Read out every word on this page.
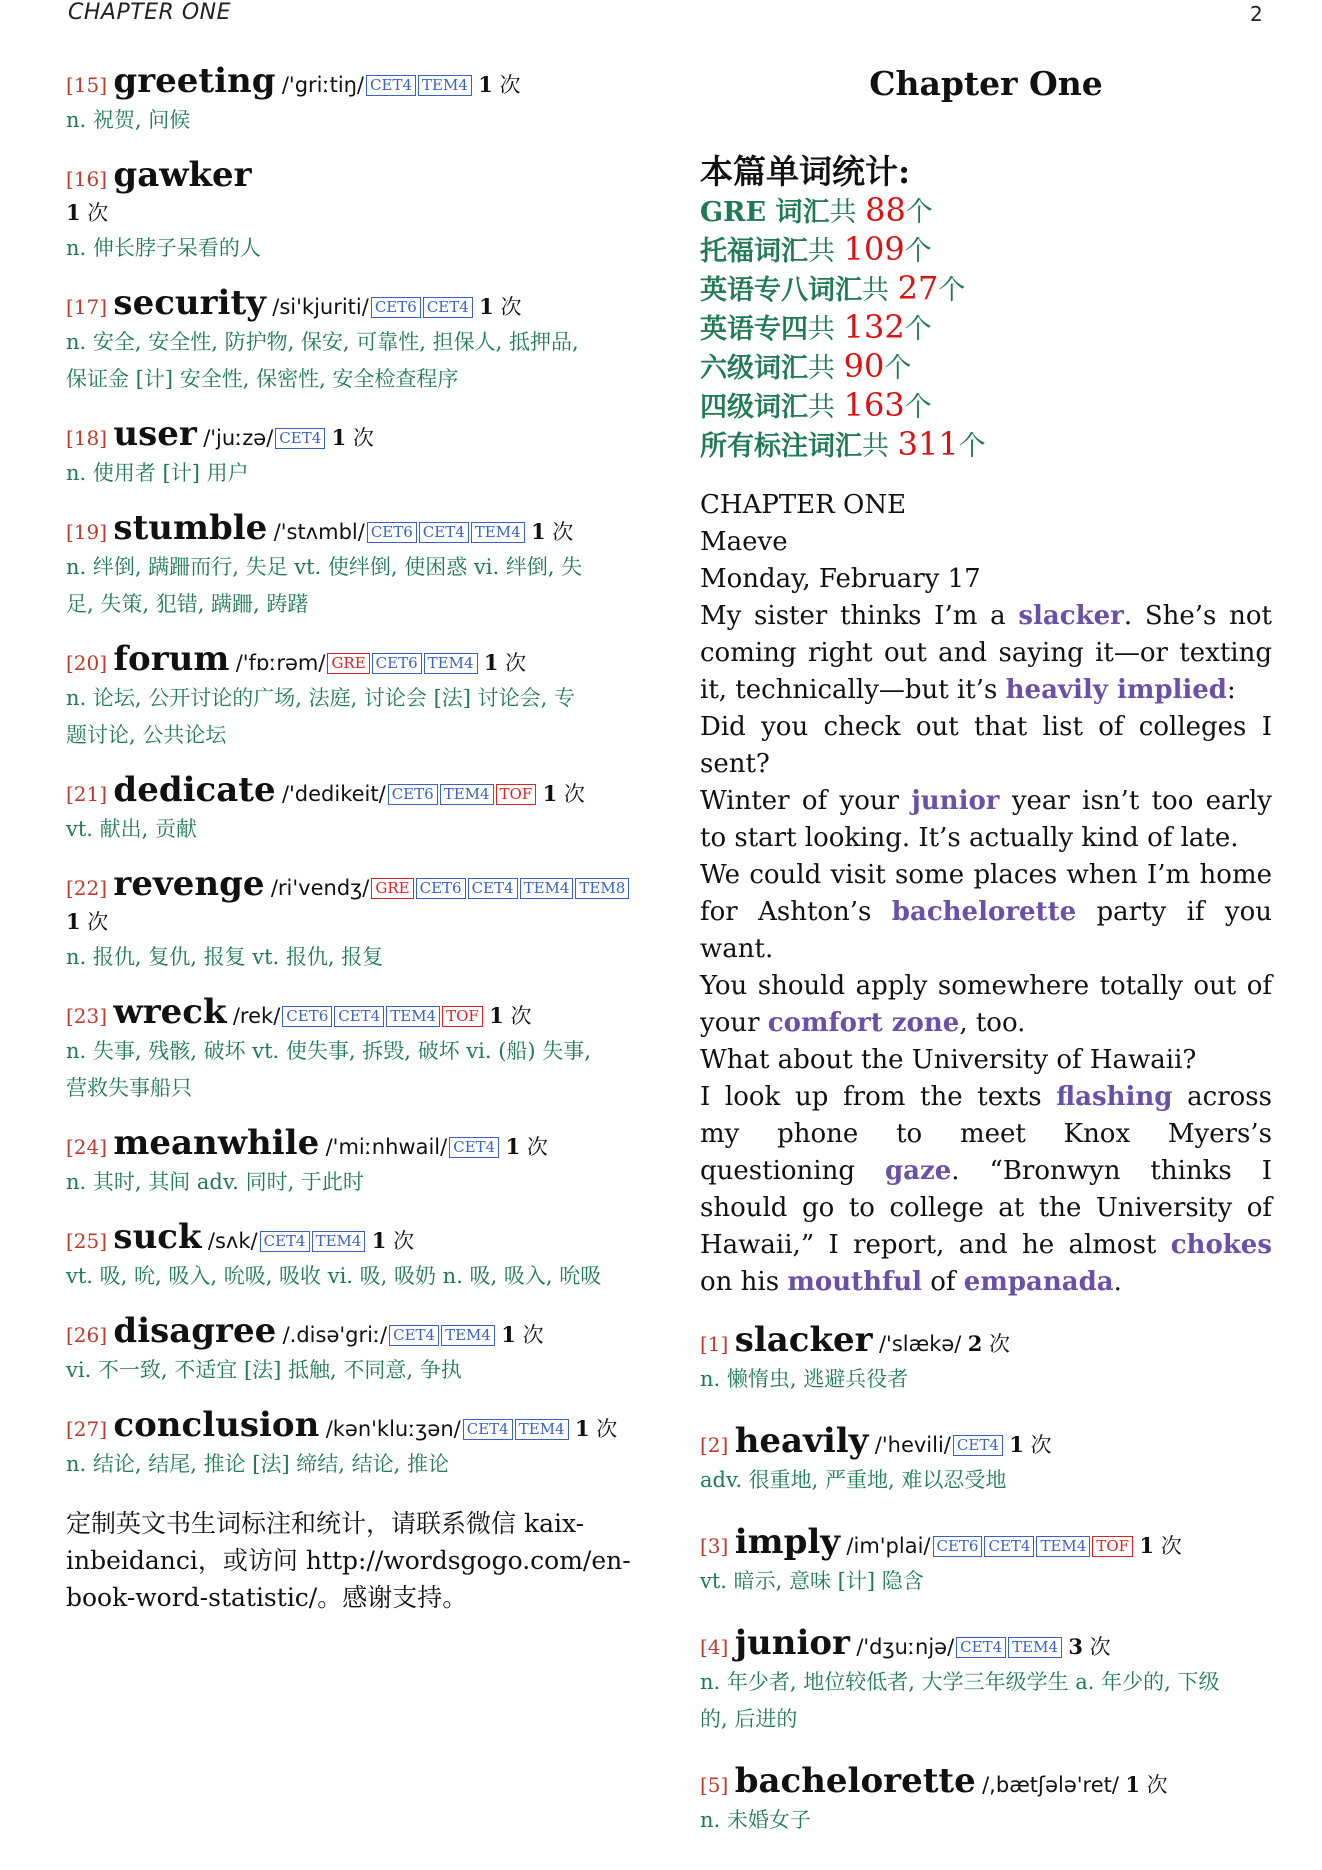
CHAPTER ONE	2
[15] greeting /'griːtiŋ/ CET4 TEM4 1 次
n. 祝贺, 问候
[16] gawker
1 次
n. 伸长脖子呆看的人
[17] security /si'kjuriti/ CET6 CET4 1 次
n. 安全, 安全性, 防护物, 保安, 可靠性, 担保人, 抵押品,
保证金 [计] 安全性, 保密性, 安全检查程序
[18] user /'juːzə/ CET4 1 次
n. 使用者 [计] 用户
[19] stumble /'stʌmbl/ CET6 CET4 TEM4 1 次
n. 绊倒, 蹒跚而行, 失足 vt. 使绊倒, 使困惑 vi. 绊倒, 失
足, 失策, 犯错, 蹒跚, 踌躇
[20] forum /'fɒːrəm/ GRE CET6 TEM4 1 次
n. 论坛, 公开讨论的广场, 法庭, 讨论会 [法] 讨论会, 专
题讨论, 公共论坛
[21] dedicate /'dedikeit/ CET6 TEM4 TOF 1 次
vt. 献出, 贡献
[22] revenge /ri'vendʒ/ GRE CET6 CET4 TEM4 TEM8
1 次
n. 报仇, 复仇, 报复 vt. 报仇, 报复
[23] wreck /rek/ CET6 CET4 TEM4 TOF 1 次
n. 失事, 残骸, 破坏 vt. 使失事, 拆毁, 破坏 vi. (船) 失事,
营救失事船只
[24] meanwhile /'miːnhwail/ CET4 1 次
n. 其时, 其间 adv. 同时, 于此时
[25] suck /sʌk/ CET4 TEM4 1 次
vt. 吸, 吮, 吸入, 吮吸, 吸收 vi. 吸, 吸奶 n. 吸, 吸入, 吮吸
[26] disagree /.disə'griː/ CET4 TEM4 1 次
vi. 不一致, 不适宜 [法] 抵触, 不同意, 争执
[27] conclusion /kən'kluːʒən/ CET4 TEM4 1 次
n. 结论, 结尾, 推论 [法] 缔结, 结论, 推论
定制英文书生词标注和统计，请联系微信 kaix-
inbeidanci，或访问 http://wordsgogo.com/en-
book-word-statistic/。感谢支持。
Chapter One
本篇单词统计:
GRE 词汇共 88个
托福词汇共 109个
英语专八词汇共 27个
英语专四共 132个
六级词汇共 90个
四级词汇共 163个
所有标注词汇共 311个

CHAPTER ONE

Maeve

Monday, February 17

My sister thinks I’m a slacker. She’s not coming right out and saying it—or texting it, technically—but it’s heavily implied:

Did you check out that list of colleges I sent?

Winter of your junior year isn’t too early to start looking. It’s actually kind of late.

We could visit some places when I’m home for Ashton’s bachelorette party if you want.

You should apply somewhere totally out of your comfort zone, too.

What about the University of Hawaii?

I look up from the texts flashing across my phone to meet Knox Myers’s questioning gaze. “Bronwyn thinks I should go to college at the University of Hawaii,” I report, and he almost chokes on his mouthful of empanada.

[1] slacker /'slækə/ 2 次
n. 懒惰虫, 逃避兵役者
[2] heavily /'hevili/ CET4 1 次
adv. 很重地, 严重地, 难以忍受地
[3] imply /im'plai/ CET6 CET4 TEM4 TOF 1 次
vt. 暗示, 意味 [计] 隐含
[4] junior /'dʒuːnjə/ CET4 TEM4 3 次
n. 年少者, 地位较低者, 大学三年级学生 a. 年少的, 下级
的, 后进的
[5] bachelorette /,bætʃələ'ret/ 1 次
n. 未婚女子
